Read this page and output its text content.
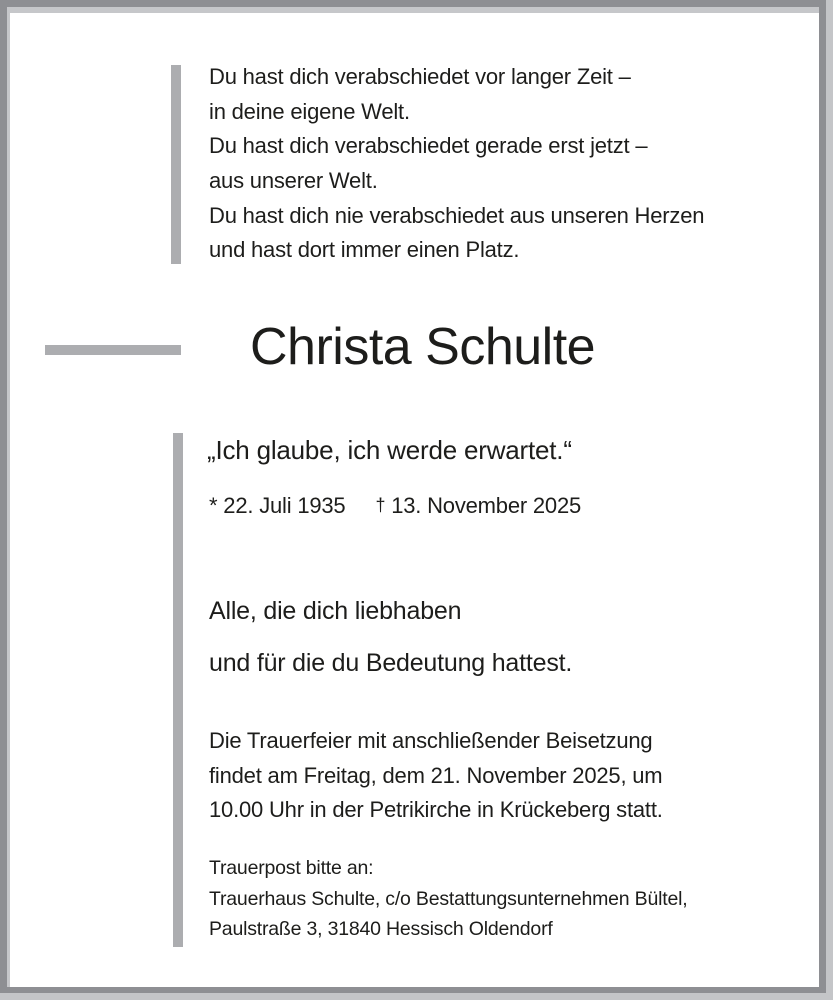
Du hast dich verabschiedet vor langer Zeit –
in deine eigene Welt.
Du hast dich verabschiedet gerade erst jetzt –
aus unserer Welt.
Du hast dich nie verabschiedet aus unseren Herzen
und hast dort immer einen Platz.
Christa Schulte
„Ich glaube, ich werde erwartet.“
* 22. Juli 1935 † 13. November 2025
Alle, die dich liebhaben
und für die du Bedeutung hattest.
Die Trauerfeier mit anschließender Beisetzung
findet am Freitag, dem 21. November 2025, um
10.00 Uhr in der Petrikirche in Krückeberg statt.
Trauerpost bitte an:
Trauerhaus Schulte, c/o Bestattungsunternehmen Bültel,
Paulstraße 3, 31840 Hessisch Oldendorf
